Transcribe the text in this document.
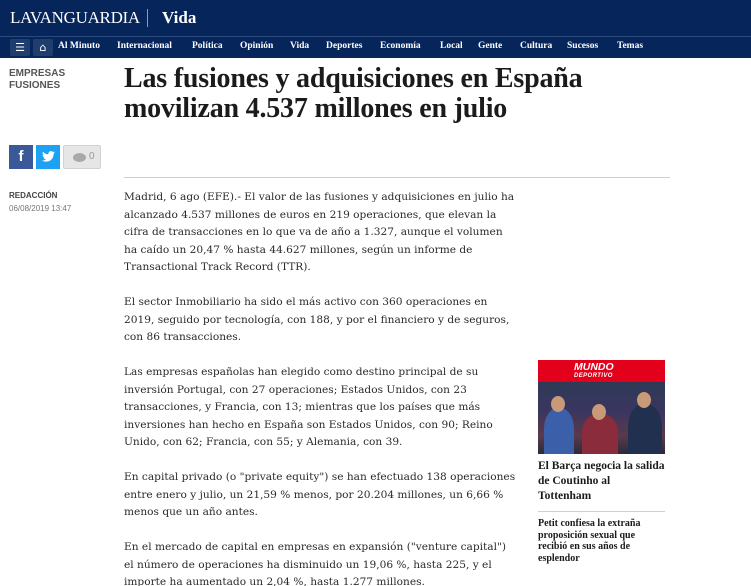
LAVANGUARDIA Vida
☰	⌂	Al Minuto Internacional Política Opinión Vida Deportes Economía Local Gente Cultura Sucesos Temas
EMPRESAS
FUSIONES Las fusiones y adquisiciones en España movilizan 4.537 millones en julio
f	0
REDACCIÓN
06/08/2019 13:47

Madrid, 6 ago (EFE).- El valor de las fusiones y adquisiciones en julio ha alcanzado 4.537 millones de euros en 219 operaciones, que elevan la cifra de transacciones en lo que va de año a 1.327, aunque el volumen ha caído un 20,47 % hasta 44.627 millones, según un informe de Transactional Track Record (TTR).

El sector Inmobiliario ha sido el más activo con 360 operaciones en 2019, seguido por tecnología, con 188, y por el financiero y de seguros, con 86 transacciones.

Las empresas españolas han elegido como destino principal de su inversión Portugal, con 27 operaciones; Estados Unidos, con 23 transacciones, y Francia, con 13; mientras que los países que más inversiones han hecho en España son Estados Unidos, con 90; Reino Unido, con 62; Francia, con 55; y Alemania, con 39.

En capital privado (o "private equity") se han efectuado 138 operaciones entre enero y julio, un 21,59 % menos, por 20.204 millones, un 6,66 % menos que un año antes.

En el mercado de capital en empresas en expansión ("venture capital") el número de operaciones ha disminuido un 19,06 %, hasta 225, y el importe ha aumentado un 2,04 %, hasta 1.277 millones.

MUNDO
DEPORTIVO
El Barça negocia la salida de Coutinho al Tottenham
Petit confiesa la extraña proposición sexual que recibió en sus años de esplendor
